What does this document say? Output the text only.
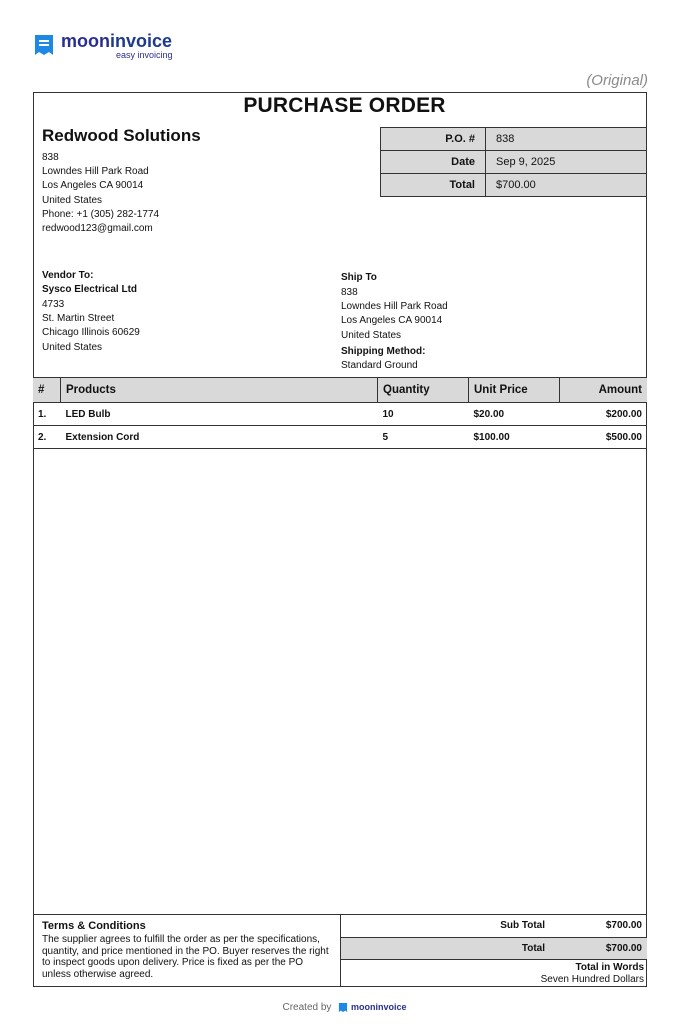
mooninvoice
easy invoicing
(Original)
PURCHASE ORDER
Redwood Solutions
838
Lowndes Hill Park Road
Los Angeles CA 90014
United States
Phone: +1 (305) 282-1774
redwood123@gmail.com
P.O. #	838
Date	Sep 9, 2025
Total	$700.00
Vendor To:
Sysco Electrical Ltd
4733
St. Martin Street
Chicago Illinois 60629
United States
Ship To
838
Lowndes Hill Park Road
Los Angeles CA 90014
United States
Shipping Method:
Standard Ground
#	Products	Quantity	Unit Price	Amount
1.	LED Bulb	10	$20.00	$200.00
2.	Extension Cord	5	$100.00	$500.00
Terms & Conditions
The supplier agrees to fulfill the order as per the specifications, quantity, and price mentioned in the PO. Buyer reserves the right to inspect goods upon delivery. Price is fixed as per the PO unless otherwise agreed.
Sub Total	$700.00
Total	$700.00
Total in Words
Seven Hundred Dollars
Created by mooninvoice
